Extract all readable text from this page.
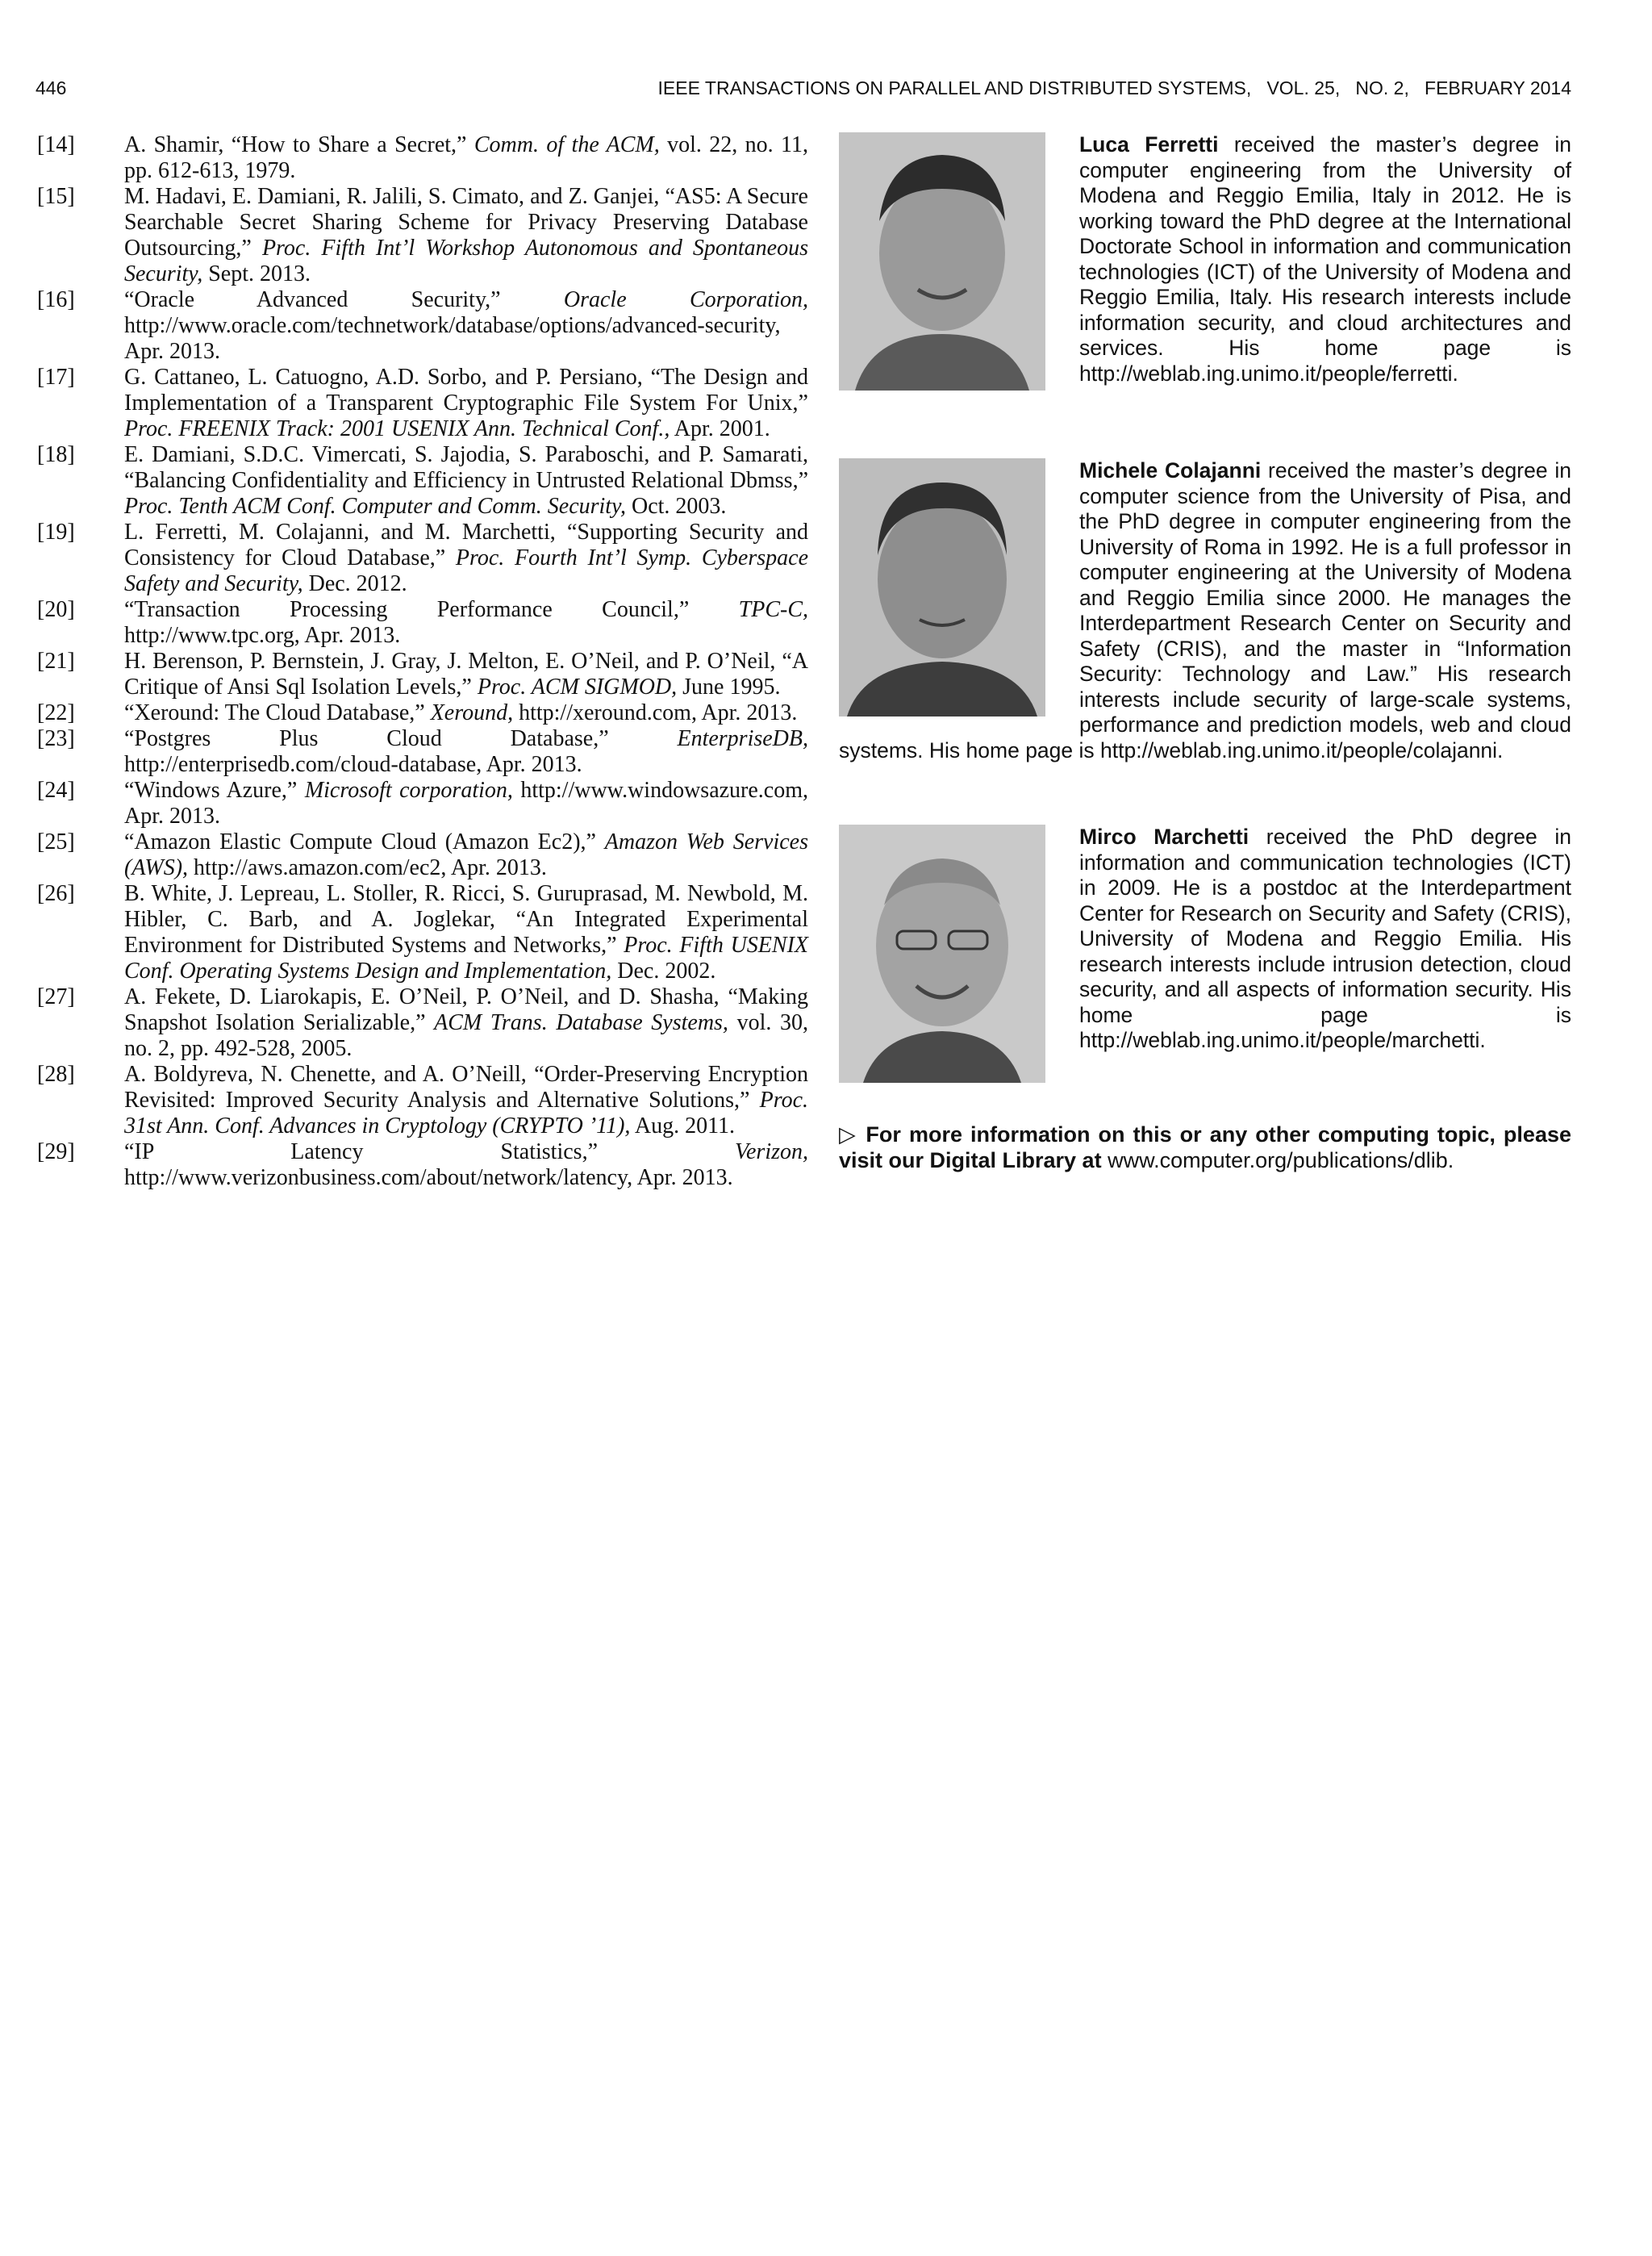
446	IEEE TRANSACTIONS ON PARALLEL AND DISTRIBUTED SYSTEMS,   VOL. 25,   NO. 2,   FEBRUARY 2014
[14] A. Shamir, “How to Share a Secret,” Comm. of the ACM, vol. 22, no. 11, pp. 612-613, 1979.
[15] M. Hadavi, E. Damiani, R. Jalili, S. Cimato, and Z. Ganjei, “AS5: A Secure Searchable Secret Sharing Scheme for Privacy Preserving Database Outsourcing,” Proc. Fifth Int’l Workshop Autonomous and Spontaneous Security, Sept. 2013.
[16] “Oracle Advanced Security,” Oracle Corporation, http://www.oracle.com/technetwork/database/options/advanced-security, Apr. 2013.
[17] G. Cattaneo, L. Catuogno, A.D. Sorbo, and P. Persiano, “The Design and Implementation of a Transparent Cryptographic File System For Unix,” Proc. FREENIX Track: 2001 USENIX Ann. Technical Conf., Apr. 2001.
[18] E. Damiani, S.D.C. Vimercati, S. Jajodia, S. Paraboschi, and P. Samarati, “Balancing Confidentiality and Efficiency in Untrusted Relational Dbmss,” Proc. Tenth ACM Conf. Computer and Comm. Security, Oct. 2003.
[19] L. Ferretti, M. Colajanni, and M. Marchetti, “Supporting Security and Consistency for Cloud Database,” Proc. Fourth Int’l Symp. Cyberspace Safety and Security, Dec. 2012.
[20] “Transaction Processing Performance Council,” TPC-C, http://www.tpc.org, Apr. 2013.
[21] H. Berenson, P. Bernstein, J. Gray, J. Melton, E. O’Neil, and P. O’Neil, “A Critique of Ansi Sql Isolation Levels,” Proc. ACM SIGMOD, June 1995.
[22] “Xeround: The Cloud Database,” Xeround, http://xeround.com, Apr. 2013.
[23] “Postgres Plus Cloud Database,” EnterpriseDB, http://enterprisedb.com/cloud-database, Apr. 2013.
[24] “Windows Azure,” Microsoft corporation, http://www.windowsazure.com, Apr. 2013.
[25] “Amazon Elastic Compute Cloud (Amazon Ec2),” Amazon Web Services (AWS), http://aws.amazon.com/ec2, Apr. 2013.
[26] B. White, J. Lepreau, L. Stoller, R. Ricci, S. Guruprasad, M. Newbold, M. Hibler, C. Barb, and A. Joglekar, “An Integrated Experimental Environment for Distributed Systems and Networks,” Proc. Fifth USENIX Conf. Operating Systems Design and Implementation, Dec. 2002.
[27] A. Fekete, D. Liarokapis, E. O’Neil, P. O’Neil, and D. Shasha, “Making Snapshot Isolation Serializable,” ACM Trans. Database Systems, vol. 30, no. 2, pp. 492-528, 2005.
[28] A. Boldyreva, N. Chenette, and A. O’Neill, “Order-Preserving Encryption Revisited: Improved Security Analysis and Alternative Solutions,” Proc. 31st Ann. Conf. Advances in Cryptology (CRYPTO ’11), Aug. 2011.
[29] “IP Latency Statistics,” Verizon, http://www.verizonbusiness.com/about/network/latency, Apr. 2013.
Luca Ferretti received the master’s degree in computer engineering from the University of Modena and Reggio Emilia, Italy in 2012. He is working toward the PhD degree at the International Doctorate School in information and communication technologies (ICT) of the University of Modena and Reggio Emilia, Italy. His research interests include information security, and cloud architectures and services. His home page is http://weblab.ing.unimo.it/people/ferretti.
Michele Colajanni received the master’s degree in computer science from the University of Pisa, and the PhD degree in computer engineering from the University of Roma in 1992. He is a full professor in computer engineering at the University of Modena and Reggio Emilia since 2000. He manages the Interdepartment Research Center on Security and Safety (CRIS), and the master in “Information Security: Technology and Law.” His research interests include security of large-scale systems, performance and prediction models, web and cloud systems. His home page is http://weblab.ing.unimo.it/people/colajanni.
Mirco Marchetti received the PhD degree in information and communication technologies (ICT) in 2009. He is a postdoc at the Interdepartment Center for Research on Security and Safety (CRIS), University of Modena and Reggio Emilia. His research interests include intrusion detection, cloud security, and all aspects of information security. His home page is http://weblab.ing.unimo.it/people/marchetti.
▷ For more information on this or any other computing topic, please visit our Digital Library at www.computer.org/publications/dlib.
